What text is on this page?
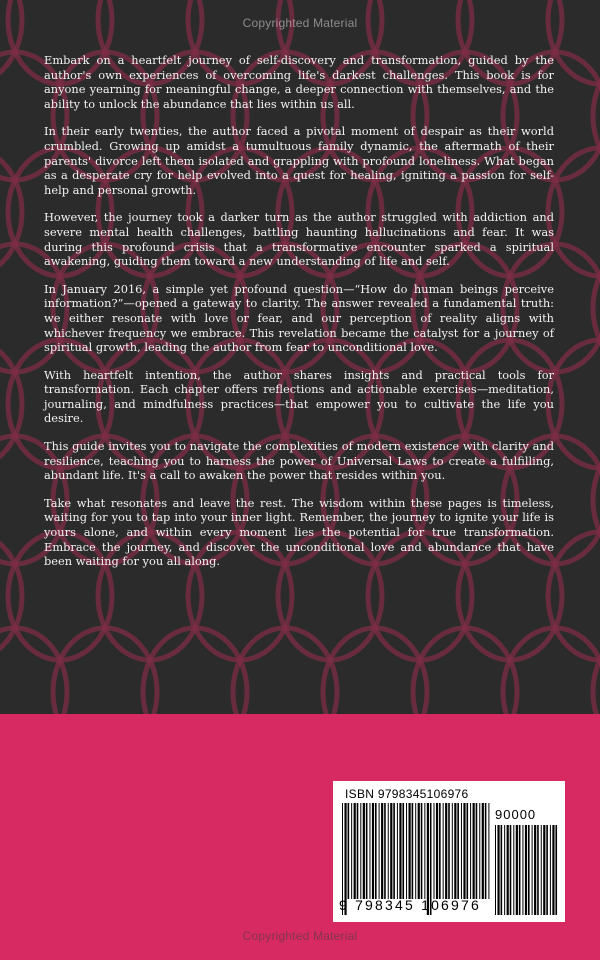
Embark on a heartfelt journey of self-discovery and transformation, guided by the author's own experiences of overcoming life's darkest challenges. This book is for anyone yearning for meaningful change, a deeper connection with themselves, and the ability to unlock the abundance that lies within us all.

In their early twenties, the author faced a pivotal moment of despair as their world crumbled. Growing up amidst a tumultuous family dynamic, the aftermath of their parents' divorce left them isolated and grappling with profound loneliness. What began as a desperate cry for help evolved into a quest for healing, igniting a passion for self-help and personal growth.

However, the journey took a darker turn as the author struggled with addiction and severe mental health challenges, battling haunting hallucinations and fear. It was during this profound crisis that a transformative encounter sparked a spiritual awakening, guiding them toward a new understanding of life and self.

In January 2016, a simple yet profound question—“How do human beings perceive information?”—opened a gateway to clarity. The answer revealed a fundamental truth: we either resonate with love or fear, and our perception of reality aligns with whichever frequency we embrace. This revelation became the catalyst for a journey of spiritual growth, leading the author from fear to unconditional love.

With heartfelt intention, the author shares insights and practical tools for transformation. Each chapter offers reflections and actionable exercises—meditation, journaling, and mindfulness practices—that empower you to cultivate the life you desire.

This guide invites you to navigate the complexities of modern existence with clarity and resilience, teaching you to harness the power of Universal Laws to create a fulfilling, abundant life. It's a call to awaken the power that resides within you.

Take what resonates and leave the rest. The wisdom within these pages is timeless, waiting for you to tap into your inner light. Remember, the journey to ignite your life is yours alone, and within every moment lies the potential for true transformation. Embrace the journey, and discover the unconditional love and abundance that have been waiting for you all along.

Copyrighted Material
ISBN 9798345106976
90000
9 798345 106976
Copyrighted Material
